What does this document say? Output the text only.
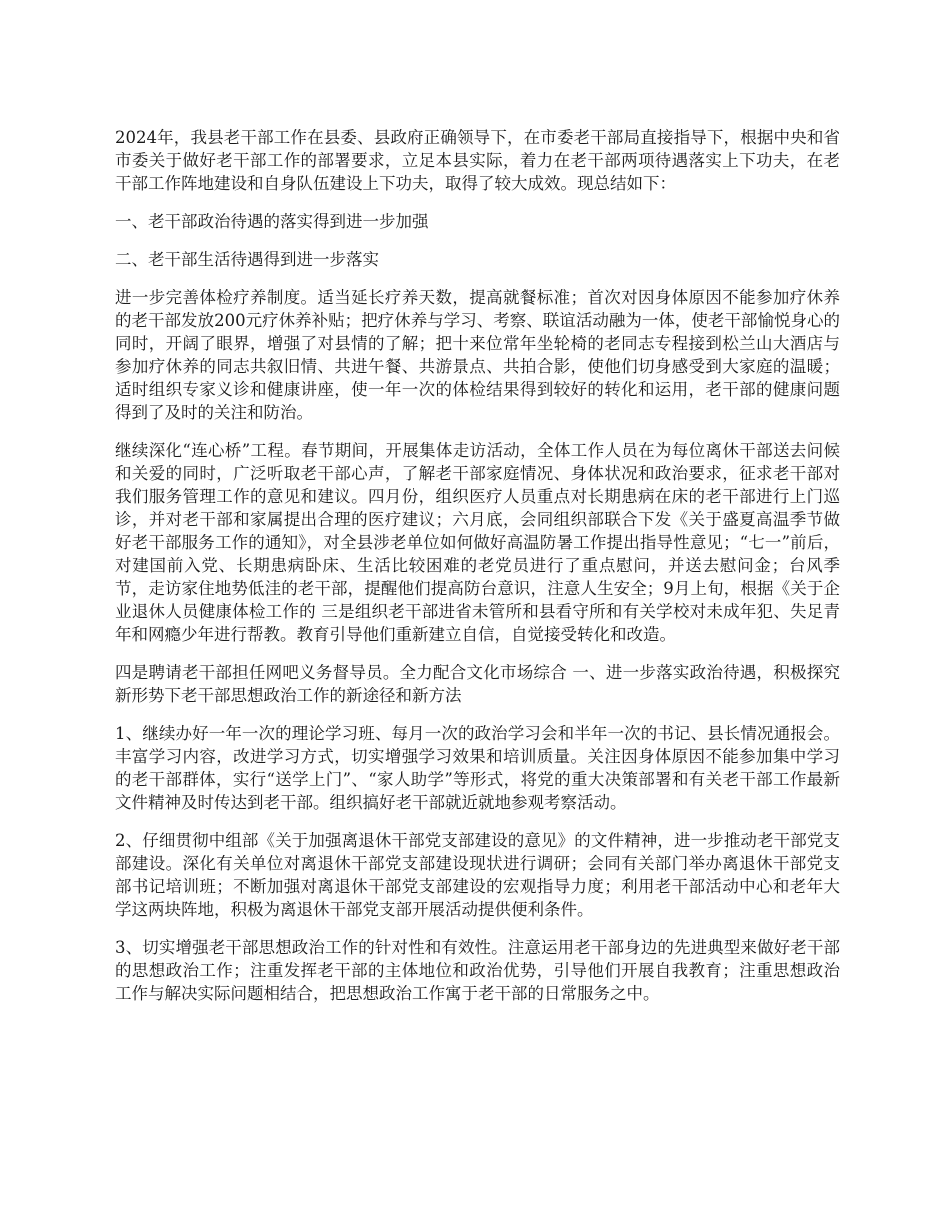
2024年，我县老干部工作在县委、县政府正确领导下，在市委老干部局直接指导下，根据中央和省市委关于做好老干部工作的部署要求，立足本县实际，着力在老干部两项待遇落实上下功夫，在老干部工作阵地建设和自身队伍建设上下功夫，取得了较大成效。现总结如下：

一、老干部政治待遇的落实得到进一步加强

二、老干部生活待遇得到进一步落实

进一步完善体检疗养制度。适当延长疗养天数，提高就餐标准；首次对因身体原因不能参加疗休养的老干部发放200元疗休养补贴；把疗休养与学习、考察、联谊活动融为一体，使老干部愉悦身心的同时，开阔了眼界，增强了对县情的了解；把十来位常年坐轮椅的老同志专程接到松兰山大酒店与参加疗休养的同志共叙旧情、共进午餐、共游景点、共拍合影，使他们切身感受到大家庭的温暖；适时组织专家义诊和健康讲座，使一年一次的体检结果得到较好的转化和运用，老干部的健康问题得到了及时的关注和防治。

继续深化“连心桥”工程。春节期间，开展集体走访活动，全体工作人员在为每位离休干部送去问候和关爱的同时，广泛听取老干部心声，了解老干部家庭情况、身体状况和政治要求，征求老干部对我们服务管理工作的意见和建议。四月份，组织医疗人员重点对长期患病在床的老干部进行上门巡诊，并对老干部和家属提出合理的医疗建议；六月底，会同组织部联合下发《关于盛夏高温季节做好老干部服务工作的通知》，对全县涉老单位如何做好高温防暑工作提出指导性意见；“七一”前后，对建国前入党、长期患病卧床、生活比较困难的老党员进行了重点慰问，并送去慰问金；台风季节，走访家住地势低洼的老干部，提醒他们提高防台意识，注意人生安全；9月上旬，根据《关于企业退休人员健康体检工作的 三是组织老干部进省未管所和县看守所和有关学校对未成年犯、失足青年和网瘾少年进行帮教。教育引导他们重新建立自信，自觉接受转化和改造。

四是聘请老干部担任网吧义务督导员。全力配合文化市场综合 一、进一步落实政治待遇，积极探究新形势下老干部思想政治工作的新途径和新方法

1、继续办好一年一次的理论学习班、每月一次的政治学习会和半年一次的书记、县长情况通报会。丰富学习内容，改进学习方式，切实增强学习效果和培训质量。关注因身体原因不能参加集中学习的老干部群体，实行“送学上门”、“家人助学”等形式，将党的重大决策部署和有关老干部工作最新文件精神及时传达到老干部。组织搞好老干部就近就地参观考察活动。

2、仔细贯彻中组部《关于加强离退休干部党支部建设的意见》的文件精神，进一步推动老干部党支部建设。深化有关单位对离退休干部党支部建设现状进行调研；会同有关部门举办离退休干部党支部书记培训班；不断加强对离退休干部党支部建设的宏观指导力度；利用老干部活动中心和老年大学这两块阵地，积极为离退休干部党支部开展活动提供便利条件。

3、切实增强老干部思想政治工作的针对性和有效性。注意运用老干部身边的先进典型来做好老干部的思想政治工作；注重发挥老干部的主体地位和政治优势，引导他们开展自我教育；注重思想政治工作与解决实际问题相结合，把思想政治工作寓于老干部的日常服务之中。
